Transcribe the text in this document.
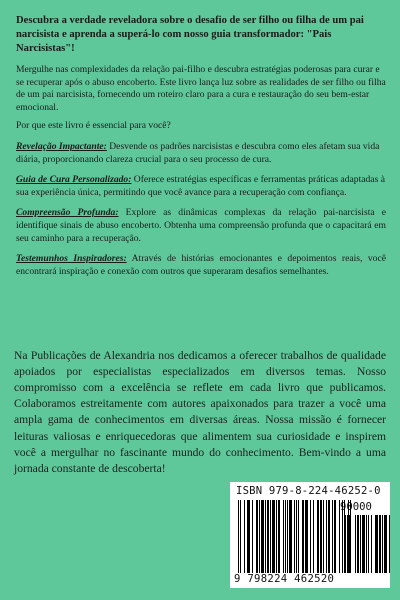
Descubra a verdade reveladora sobre o desafio de ser filho ou filha de um pai narcisista e aprenda a superá-lo com nosso guia transformador: "Pais Narcisistas"!

Mergulhe nas complexidades da relação pai-filho e descubra estratégias poderosas para curar e se recuperar após o abuso encoberto. Este livro lança luz sobre as realidades de ser filho ou filha de um pai narcisista, fornecendo um roteiro claro para a cura e restauração do seu bem-estar emocional.

Por que este livro é essencial para você?

Revelação Impactante: Desvende os padrões narcisistas e descubra como eles afetam sua vida diária, proporcionando clareza crucial para o seu processo de cura.

Guia de Cura Personalizado: Oferece estratégias específicas e ferramentas práticas adaptadas à sua experiência única, permitindo que você avance para a recuperação com confiança.

Compreensão Profunda: Explore as dinâmicas complexas da relação pai-narcisista e identifique sinais de abuso encoberto. Obtenha uma compreensão profunda que o capacitará em seu caminho para a recuperação.

Testemunhos Inspiradores: Através de histórias emocionantes e depoimentos reais, você encontrará inspiração e conexão com outros que superaram desafios semelhantes.

Na Publicações de Alexandria nos dedicamos a oferecer trabalhos de qualidade apoiados por especialistas especializados em diversos temas. Nosso compromisso com a excelência se reflete em cada livro que publicamos. Colaboramos estreitamente com autores apaixonados para trazer a você uma ampla gama de conhecimentos em diversas áreas. Nossa missão é fornecer leituras valiosas e enriquecedoras que alimentem sua curiosidade e inspirem você a mergulhar no fascinante mundo do conhecimento. Bem-vindo a uma jornada constante de descoberta!

ISBN 979-8-224-46252-0
90000
9 798224 462520
